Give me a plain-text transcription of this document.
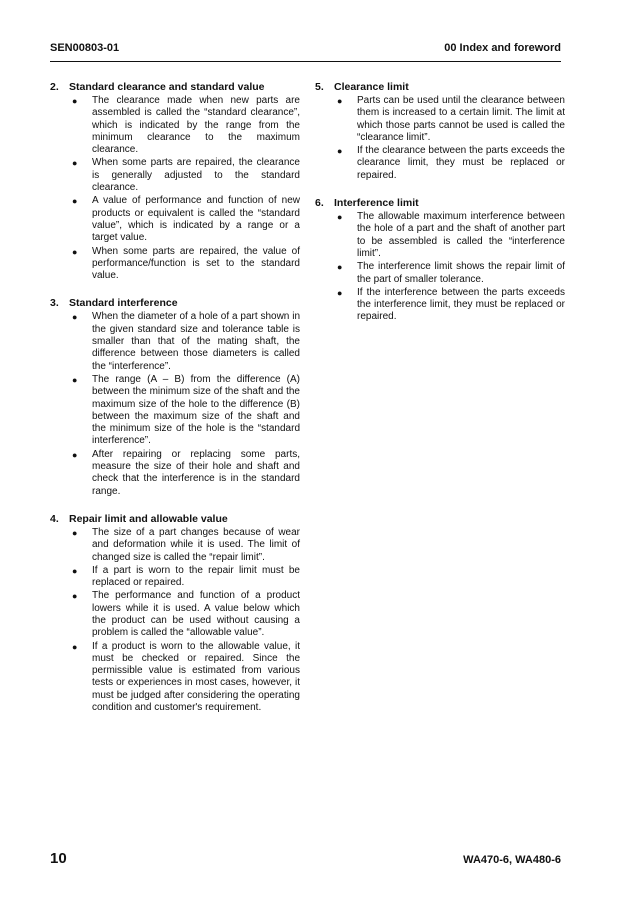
SEN00803-01	00 Index and foreword
2. Standard clearance and standard value
● The clearance made when new parts are assembled is called the “standard clearance”, which is indicated by the range from the minimum clearance to the maximum clearance.
● When some parts are repaired, the clearance is generally adjusted to the standard clearance.
● A value of performance and function of new products or equivalent is called the “standard value”, which is indicated by a range or a target value.
● When some parts are repaired, the value of performance/function is set to the standard value.
3. Standard interference
● When the diameter of a hole of a part shown in the given standard size and tolerance table is smaller than that of the mating shaft, the difference between those diameters is called the “interference”.
● The range (A – B) from the difference (A) between the minimum size of the shaft and the maximum size of the hole to the difference (B) between the maximum size of the shaft and the minimum size of the hole is the “standard interference”.
● After repairing or replacing some parts, measure the size of their hole and shaft and check that the interference is in the standard range.
4. Repair limit and allowable value
● The size of a part changes because of wear and deformation while it is used. The limit of changed size is called the “repair limit”.
● If a part is worn to the repair limit must be replaced or repaired.
● The performance and function of a product lowers while it is used. A value below which the product can be used without causing a problem is called the “allowable value”.
● If a product is worn to the allowable value, it must be checked or repaired. Since the permissible value is estimated from various tests or experiences in most cases, however, it must be judged after considering the operating condition and customer's requirement.
5. Clearance limit
● Parts can be used until the clearance between them is increased to a certain limit. The limit at which those parts cannot be used is called the “clearance limit”.
● If the clearance between the parts exceeds the clearance limit, they must be replaced or repaired.
6. Interference limit
● The allowable maximum interference between the hole of a part and the shaft of another part to be assembled is called the “interference limit”.
● The interference limit shows the repair limit of the part of smaller tolerance.
● If the interference between the parts exceeds the interference limit, they must be replaced or repaired.
10	WA470-6, WA480-6
